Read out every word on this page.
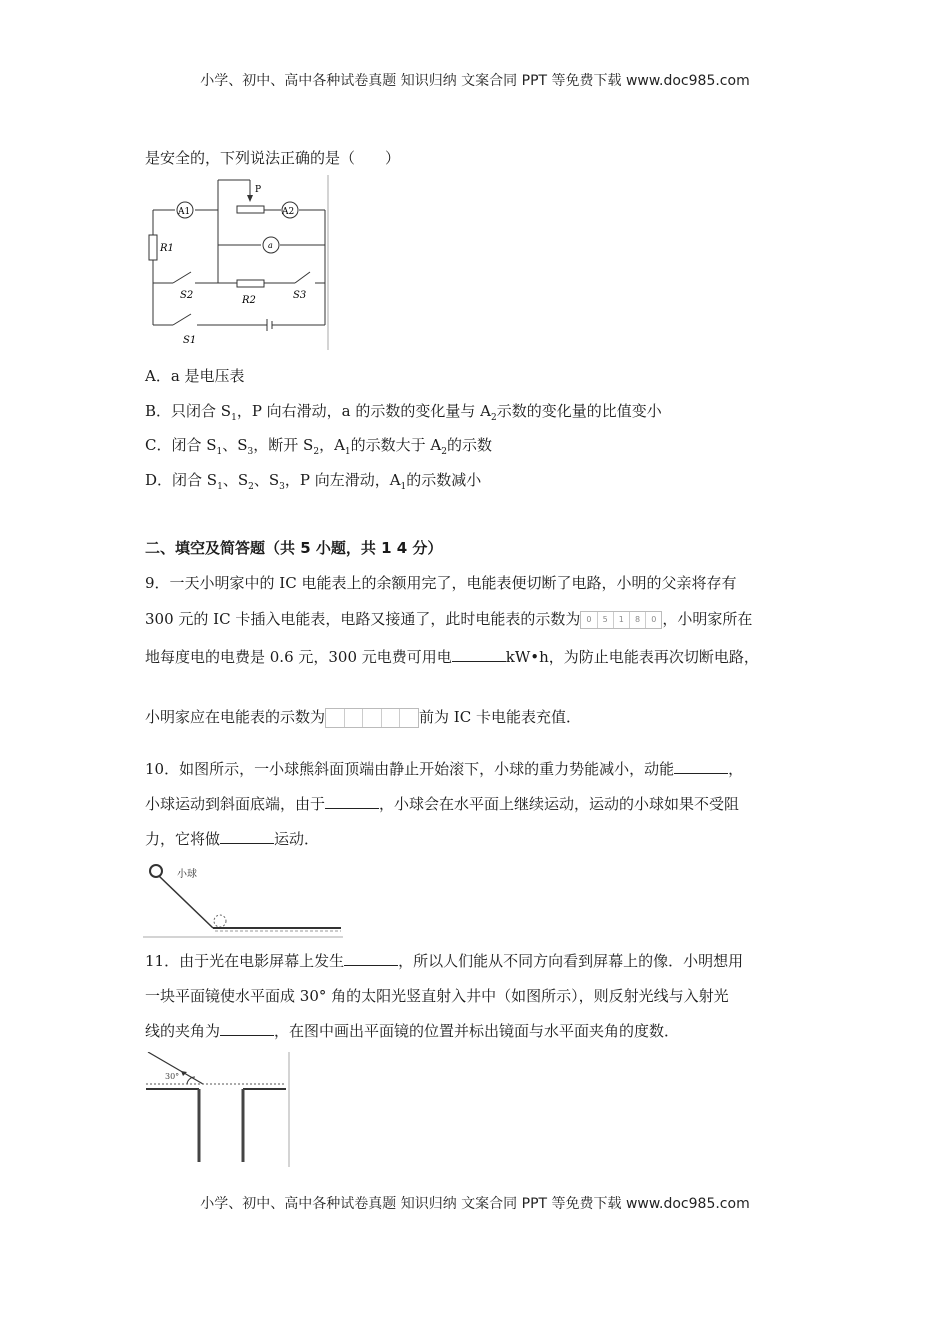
小学、初中、高中各种试卷真题 知识归纳 文案合同 PPT 等免费下载 www.doc985.com
是安全的，下列说法正确的是（　　）
P
A1	A2
a
R1
R2
S2	S3
S1
A．a 是电压表
B．只闭合 $S_1$，P 向右滑动，a 的示数的变化量与 $A_2$示数的变化量的比值变小
C．闭合 $S_1$、$S_3$，断开 $S_2$，$A_1$的示数大于 $A_2$的示数
D．闭合 $S_1$、$S_2$、$S_3$，P 向左滑动，$A_1$的示数减小
二、填空及简答题（共 5 小题，共 1 4 分）
9．一天小明家中的 IC 电能表上的余额用完了，电能表便切断了电路，小明的父亲将存有
300 元的 IC 卡插入电能表，电路又接通了，此时电能表的示数为 0	5	1	8	0 ，小明家所在
地每度电的电费是 0.6 元，300 元电费可用电	kW•h，为防止电能表再次切断电路，
小明家应在电能表的示数为	前为 IC 卡电能表充值．
10．如图所示，一小球熊斜面顶端由静止开始滚下，小球的重力势能减小，动能	，
小球运动到斜面底端，由于	，小球会在水平面上继续运动，运动的小球如果不受阻
力，它将做	运动．
小球
11．由于光在电影屏幕上发生	，所以人们能从不同方向看到屏幕上的像．小明想用
一块平面镜使水平面成 30° 角的太阳光竖直射入井中（如图所示），则反射光线与入射光
线的夹角为	，在图中画出平面镜的位置并标出镜面与水平面夹角的度数．
30°
小学、初中、高中各种试卷真题 知识归纳 文案合同 PPT 等免费下载 www.doc985.com
